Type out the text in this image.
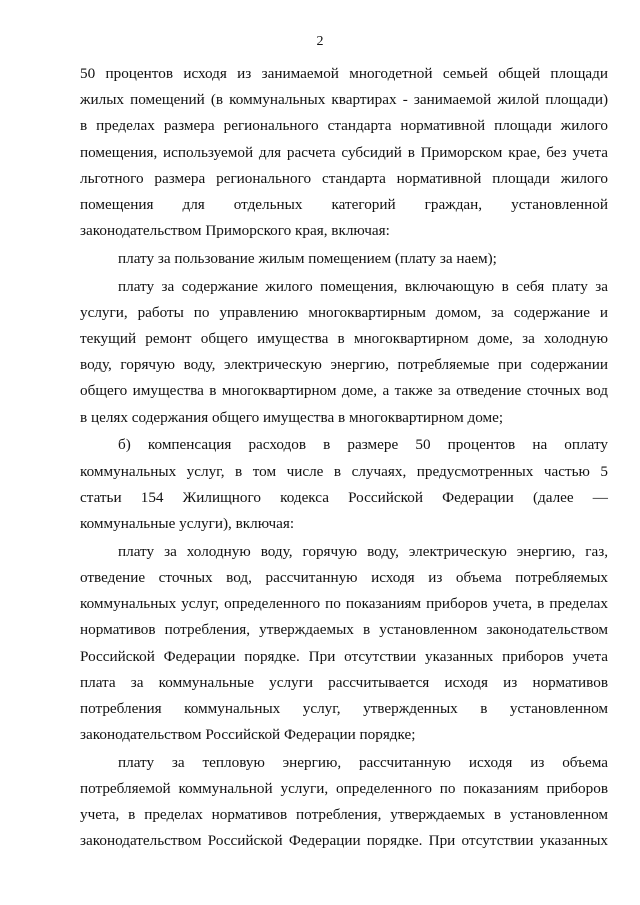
2
50 процентов исходя из занимаемой многодетной семьей общей площади
жилых помещений (в коммунальных квартирах - занимаемой жилой площади)
в пределах размера регионального стандарта нормативной площади жилого
помещения, используемой для расчета субсидий в Приморском крае, без учета
льготного размера регионального стандарта нормативной площади жилого
помещения для отдельных категорий граждан, установленной
законодательством Приморского края, включая:
плату за пользование жилым помещением (плату за наем);
плату за содержание жилого помещения, включающую в себя плату за
услуги, работы по управлению многоквартирным домом, за содержание и
текущий ремонт общего имущества в многоквартирном доме, за холодную
воду, горячую воду, электрическую энергию, потребляемые при содержании
общего имущества в многоквартирном доме, а также за отведение сточных вод
в целях содержания общего имущества в многоквартирном доме;
б) компенсация расходов в размере 50 процентов на оплату
коммунальных услуг, в том числе в случаях, предусмотренных частью 5
статьи 154 Жилищного кодекса Российской Федерации (далее —
коммунальные услуги), включая:
плату за холодную воду, горячую воду, электрическую энергию, газ,
отведение сточных вод, рассчитанную исходя из объема потребляемых
коммунальных услуг, определенного по показаниям приборов учета, в пределах
нормативов потребления, утверждаемых в установленном законодательством
Российской Федерации порядке. При отсутствии указанных приборов учета
плата за коммунальные услуги рассчитывается исходя из нормативов
потребления коммунальных услуг, утвержденных в установленном
законодательством Российской Федерации порядке;
плату за тепловую энергию, рассчитанную исходя из объема
потребляемой коммунальной услуги, определенного по показаниям приборов
учета, в пределах нормативов потребления, утверждаемых в установленном
законодательством Российской Федерации порядке. При отсутствии указанных
